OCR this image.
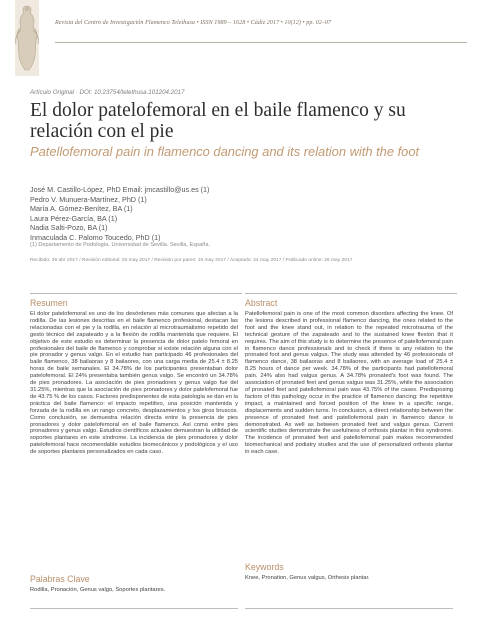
Revista del Centro de Investigación Flamenco Telethusa • ISSN 1989 – 1628 • Cádiz 2017 • 10(12) • pp. 02–07
Artículo Original · DOI: 10.23754/telethusa.101204.2017
El dolor patelofemoral en el baile flamenco y su relación con el pie
Patellofemoral pain in flamenco dancing and its relation with the foot
José M. Castillo-López, PhD Email: jmcastillo@us.es (1)
Pedro V. Munuera-Martínez, PhD (1)
María A. Gómez-Benítez, BA (1)
Laura Pérez-García, BA (1)
Nadia Salti-Pozo, BA (1)
Inmaculada C. Palomo Toucedo, PhD (1)
(1) Departamento de Podología. Universidad de Sevilla. Sevilla, España.
Recibido: 29 abr 2017 / Revisión editorial: 02 may 2017 / Revisión por pares: 16 may 2017 / Aceptado: 24 may 2017 / Publicado online: 26 may 2017
Resumen

El dolor patelofemoral es uno de los desórdenes más comunes que afectan a la rodilla. De las lesiones descritas en el baile flamenco profesional, destacan las relacionadas con el pie y la rodilla, en relación al microtraumatismo repetido del gesto técnico del zapateado y a la flexión de rodilla mantenida que requiere. El objetivo de este estudio es determinar la presencia de dolor patelo femoral en profesionales del baile de flamenco y comprobar si existe relación alguna con el pie pronador y genus valgo. En el estudio han participado 46 profesionales del baile flamenco, 38 bailaoras y 8 bailaores, con una carga media de 25.4 ± 8.25 horas de baile semanales. El 34.78% de los participantes presentaban dolor patelofemoral. El 24% presentaba también genus valgo. Se encontró un 34.78% de pies pronadores. La asociación de pies pronadores y genus valgo fue del 31.25%, mientras que la asociación de pies pronadores y dolor patelofemoral fue de 43.75 % de los casos. Factores predisponentes de esta patología se dan en la práctica del baile flamenco: el impacto repetitivo, una posición mantenida y forzada de la rodilla en un rango concreto, desplazamientos y los giros bruscos. Como conclusión, se demuestra relación directa entre la presencia de pies pronadores y dolor patelofemoral en el baile flamenco. Así como entre pies pronadores y genus valgo. Estudios científicos actuales demuestran la utilidad de soportes plantares en este síndrome. La incidencia de pies pronadores y dolor patelofemoral hace recomendable estudios biomecánicos y podológicos y el uso de soportes plantares personalizados en cada caso.

Palabras Clave

Rodilla, Pronación, Genus valgo, Soportes plantares.

Abstract

Patellofemoral pain is one of the most common disorders affecting the knee. Of the lesions described in professional flamenco dancing, the ones related to the foot and the knee stand out, in relation to the repeated microtrauma of the technical gesture of the zapateado and to the sustained knee flexion that it requires. The aim of this study is to determine the presence of patellofemoral pain in flamenco dance professionals and to check if there is any relation to the pronated foot and genus valgus. The study was attended by 46 professionals of flamenco dance, 38 bailaoras and 8 bailaores, with an average load of 25.4 ± 8.25 hours of dance per week. 34.78% of the participants had patellofemoral pain. 24% also had valgus genus. A 34.78% pronated's foot was found. The association of pronated feet and genus valgus was 31.25%, while the association of pronated feet and patellofemoral pain was 43.75% of the cases. Predisposing factors of this pathology occur in the practice of flamenco dancing: the repetitive impact, a maintained and forced position of the knee in a specific range, displacements and sudden turns. In conclusion, a direct relationship between the presence of pronated feet and patellofemoral pain in flamenco dance is demonstrated. As well as between pronated feet and valgus genus. Current scientific studies demonstrate the usefulness of orthosis plantar in this syndrome. The incidence of pronated feet and patellofemoral pain makes recommended biomechanical and podiatry studies and the use of personalized orthesis plantar in each case.

Keywords

Knee, Pronation, Genus valgus, Orthesis plantar.
